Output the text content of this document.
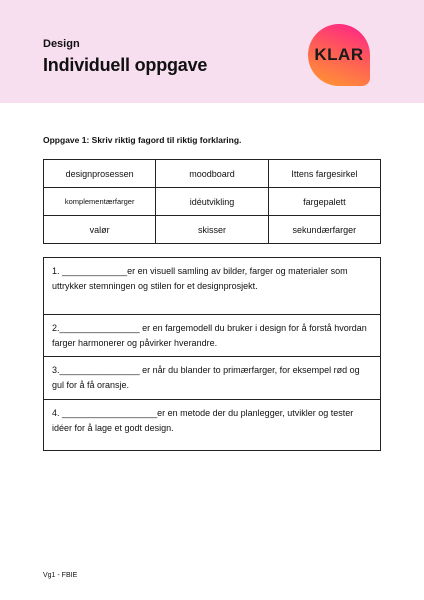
Design
Individuell oppgave
KLAR
Oppgave 1: Skriv riktig fagord til riktig forklaring.
designprosessen	moodboard	Ittens fargesirkel
komplementærfarger	idéutvikling	fargepalett
valør	skisser	sekundærfarger
1. _____________er en visuell samling av bilder, farger og materialer som uttrykker stemningen og stilen for et designprosjekt.
2.________________ er en fargemodell du bruker i design for å forstå hvordan farger harmonerer og påvirker hverandre.
3.________________ er når du blander to primærfarger, for eksempel rød og gul for å få oransje.
4. ___________________er en metode der du planlegger, utvikler og tester idéer for å lage et godt design.
Vg1 - FBIE
